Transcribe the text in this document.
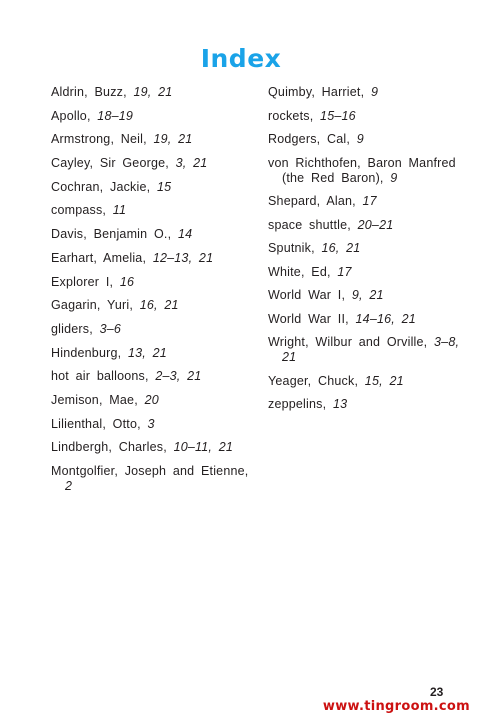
Index
Aldrin, Buzz, 19, 21
Apollo, 18–19
Armstrong, Neil, 19, 21
Cayley, Sir George, 3, 21
Cochran, Jackie, 15
compass, 11
Davis, Benjamin O., 14
Earhart, Amelia, 12–13, 21
Explorer I, 16
Gagarin, Yuri, 16, 21
gliders, 3–6
Hindenburg, 13, 21
hot air balloons, 2–3, 21
Jemison, Mae, 20
Lilienthal, Otto, 3
Lindbergh, Charles, 10–11, 21
Montgolfier, Joseph and Etienne, 2
Quimby, Harriet, 9
rockets, 15–16
Rodgers, Cal, 9
von Richthofen, Baron Manfred (the Red Baron), 9
Shepard, Alan, 17
space shuttle, 20–21
Sputnik, 16, 21
White, Ed, 17
World War I, 9, 21
World War II, 14–16, 21
Wright, Wilbur and Orville, 3–8, 21
Yeager, Chuck, 15, 21
zeppelins, 13
23
www.tingroom.com
